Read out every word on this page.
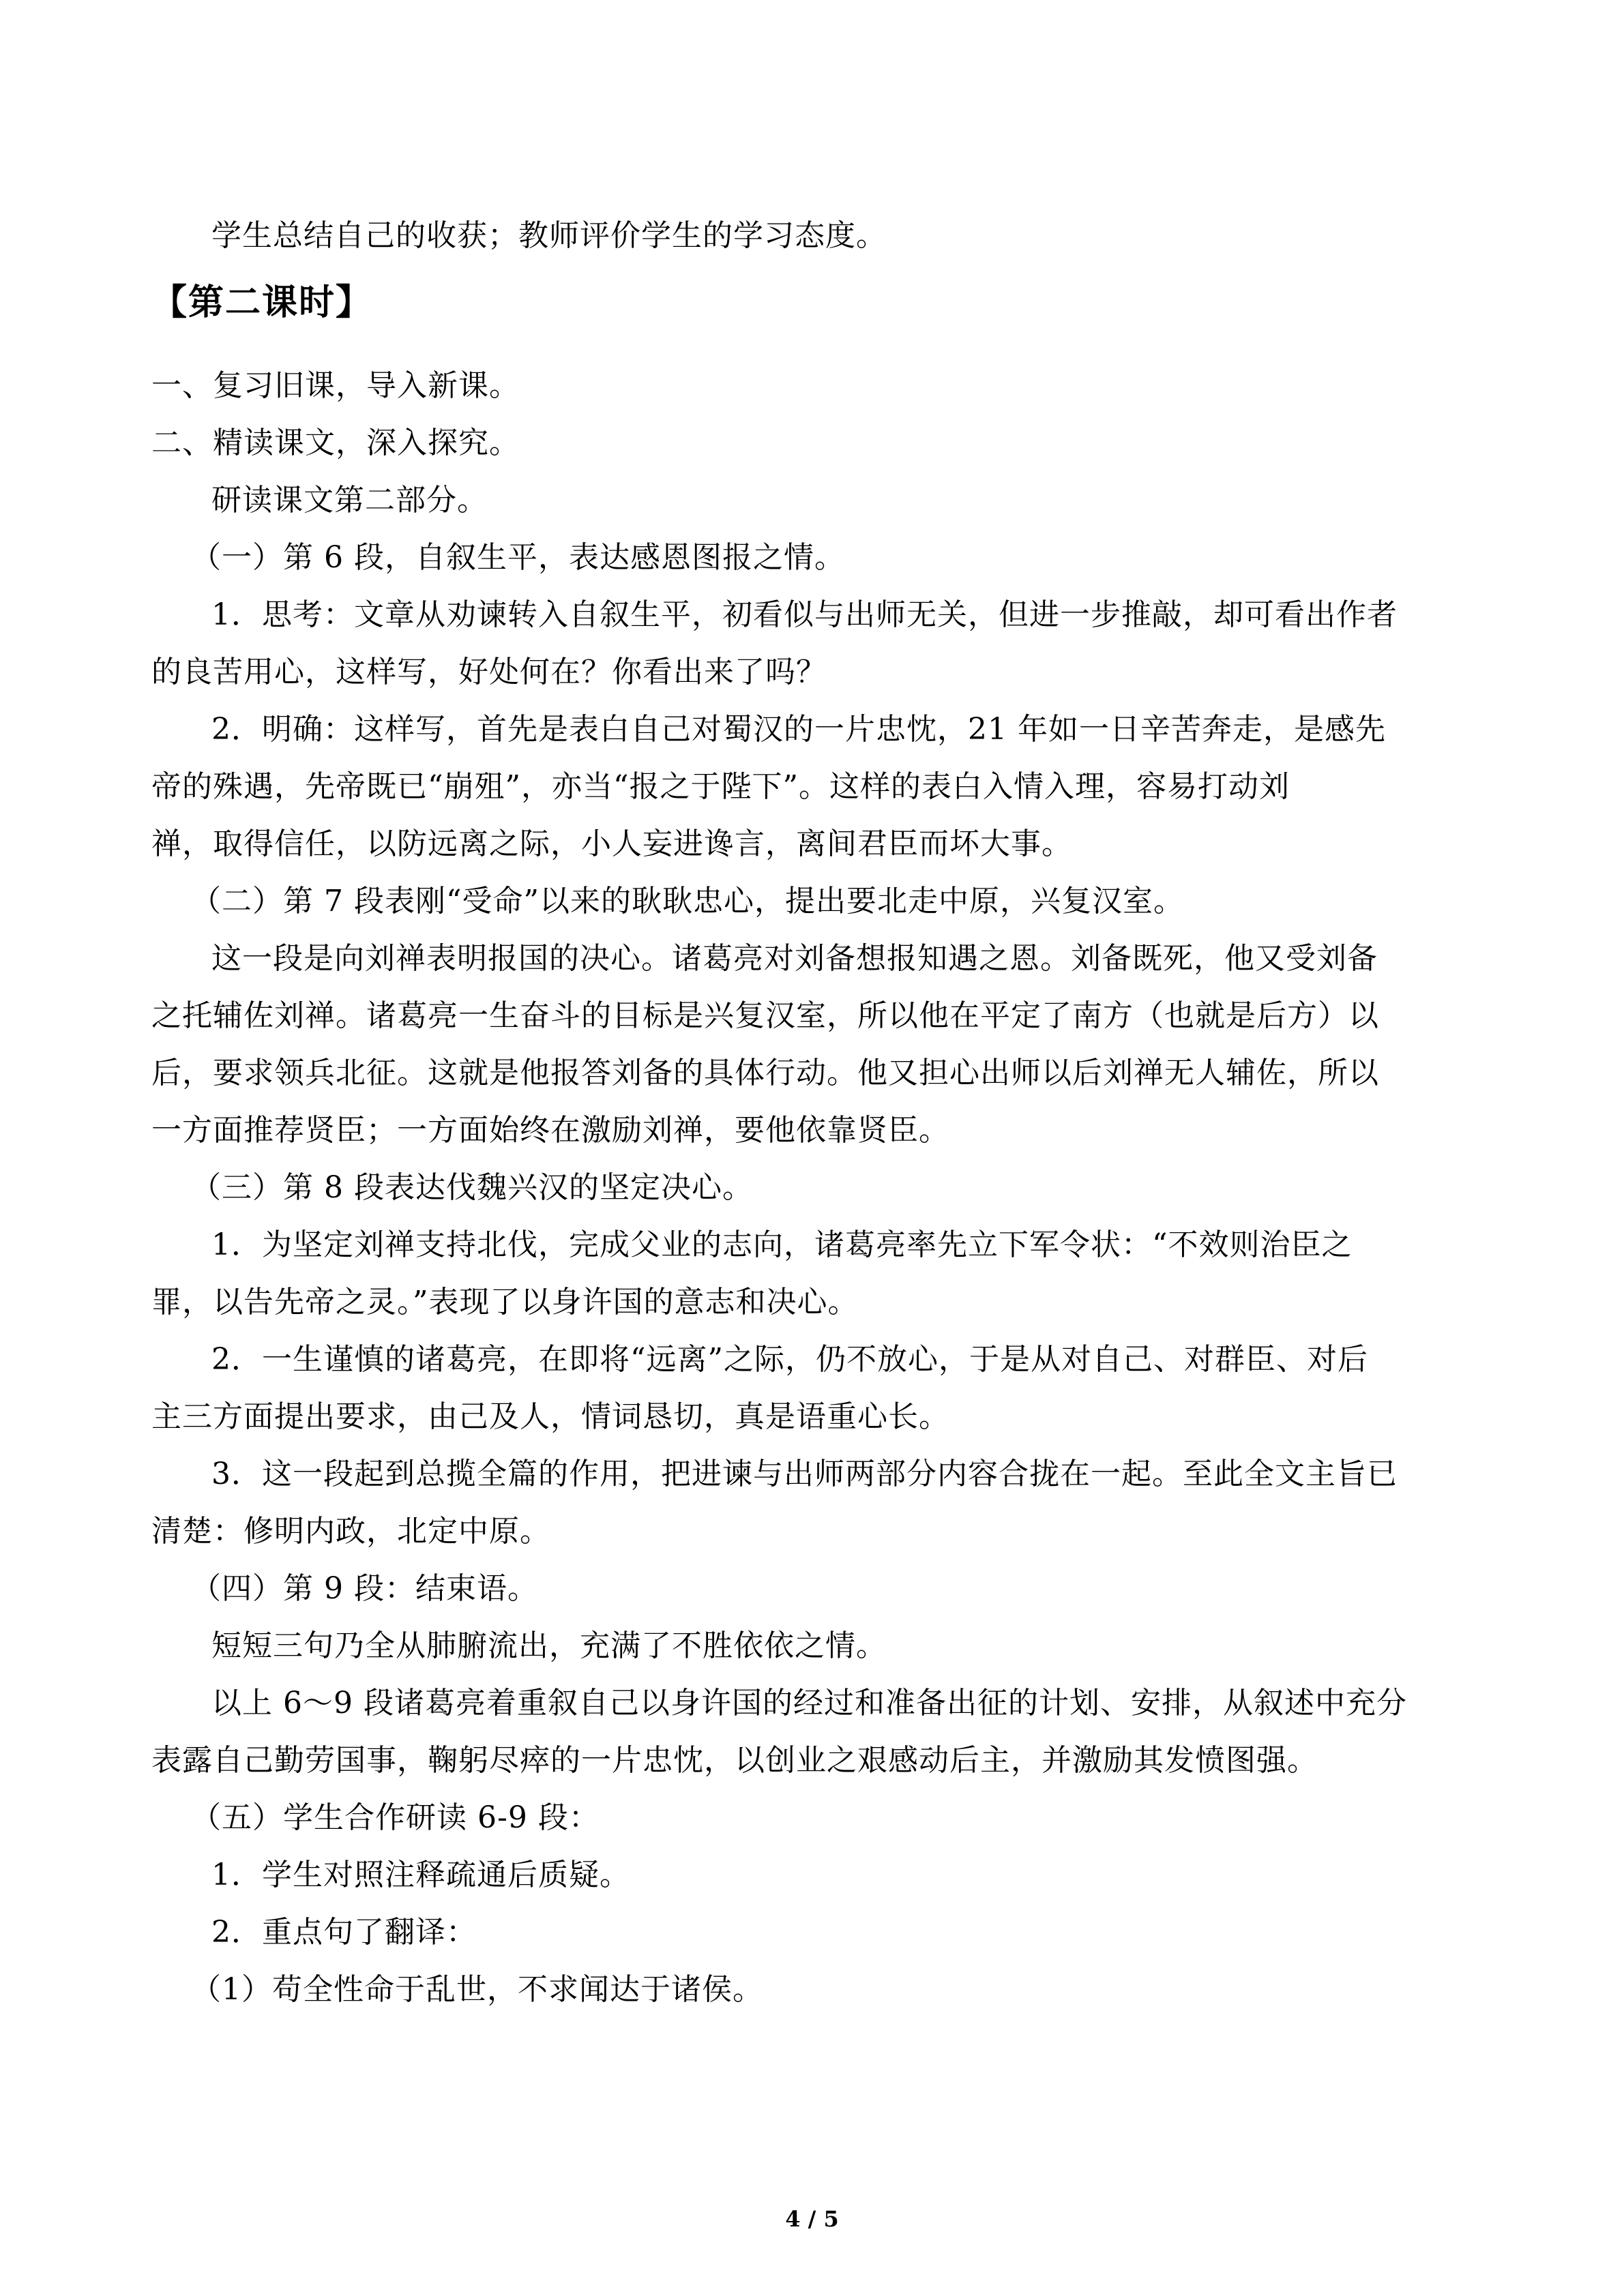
学生总结自己的收获；教师评价学生的学习态度。
【第二课时】
一、复习旧课，导入新课。
二、精读课文，深入探究。
研读课文第二部分。
（一）第 6 段，自叙生平，表达感恩图报之情。
1．思考：文章从劝谏转入自叙生平，初看似与出师无关，但进一步推敲，却可看出作者
的良苦用心，这样写，好处何在？你看出来了吗？
2．明确：这样写，首先是表白自己对蜀汉的一片忠忱，21 年如一日辛苦奔走，是感先
帝的殊遇，先帝既已“崩殂”，亦当“报之于陛下”。这样的表白入情入理，容易打动刘
禅，取得信任，以防远离之际，小人妄进谗言，离间君臣而坏大事。
（二）第 7 段表刚“受命”以来的耿耿忠心，提出要北走中原，兴复汉室。
这一段是向刘禅表明报国的决心。诸葛亮对刘备想报知遇之恩。刘备既死，他又受刘备
之托辅佐刘禅。诸葛亮一生奋斗的目标是兴复汉室，所以他在平定了南方（也就是后方）以
后，要求领兵北征。这就是他报答刘备的具体行动。他又担心出师以后刘禅无人辅佐，所以
一方面推荐贤臣；一方面始终在激励刘禅，要他依靠贤臣。
（三）第 8 段表达伐魏兴汉的坚定决心。
1．为坚定刘禅支持北伐，完成父业的志向，诸葛亮率先立下军令状：“不效则治臣之
罪，以告先帝之灵。”表现了以身许国的意志和决心。
2．一生谨慎的诸葛亮，在即将“远离”之际，仍不放心，于是从对自己、对群臣、对后
主三方面提出要求，由己及人，情词恳切，真是语重心长。
3．这一段起到总揽全篇的作用，把进谏与出师两部分内容合拢在一起。至此全文主旨已
清楚：修明内政，北定中原。
（四）第 9 段：结束语。
短短三句乃全从肺腑流出，充满了不胜依依之情。
以上 6～9 段诸葛亮着重叙自己以身许国的经过和准备出征的计划、安排，从叙述中充分
表露自己勤劳国事，鞠躬尽瘁的一片忠忱，以创业之艰感动后主，并激励其发愤图强。
（五）学生合作研读 6-9 段：
1．学生对照注释疏通后质疑。
2．重点句了翻译：
（1）苟全性命于乱世，不求闻达于诸侯。
4 / 5
